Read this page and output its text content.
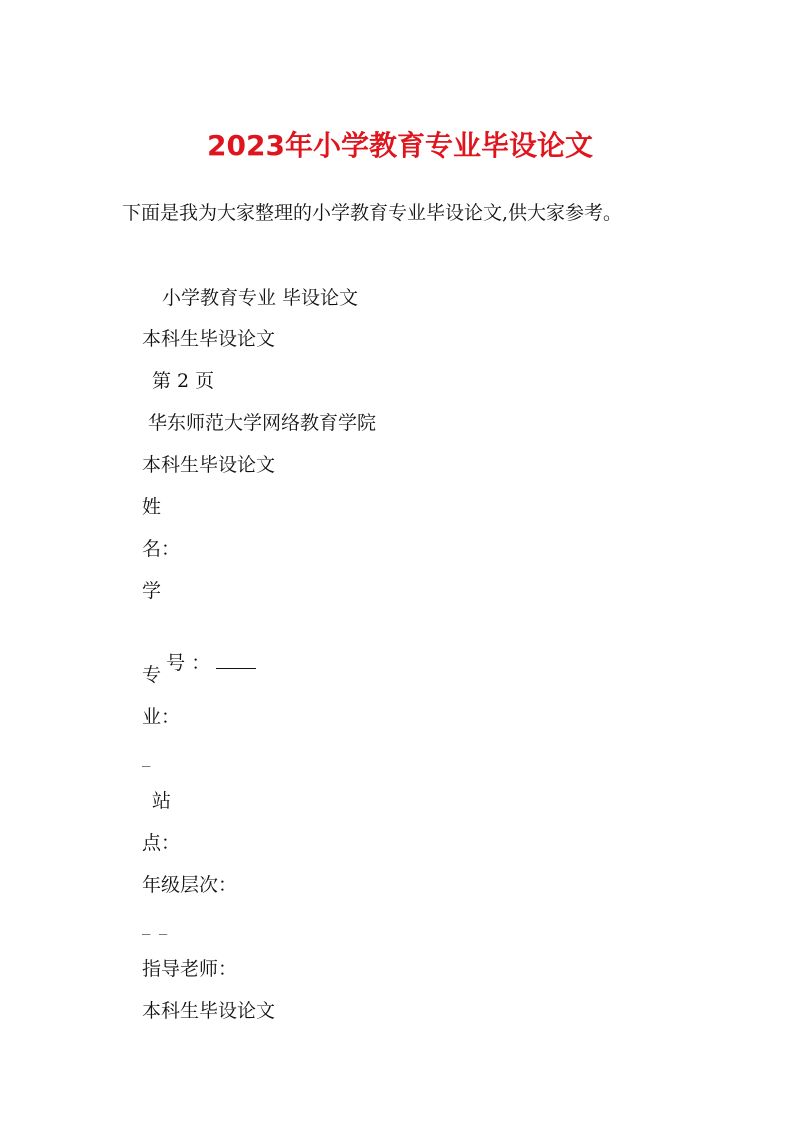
2023年小学教育专业毕设论文

下面是我为大家整理的小学教育专业毕设论文,供大家参考。

小学教育专业 毕设论文

本科生毕设论文

第 2 页

华东师范大学网络教育学院

本科生毕设论文

姓

名：

学

号 ：

专

业：

_

站

点：

年级层次：

_ _

指导老师：

本科生毕设论文
